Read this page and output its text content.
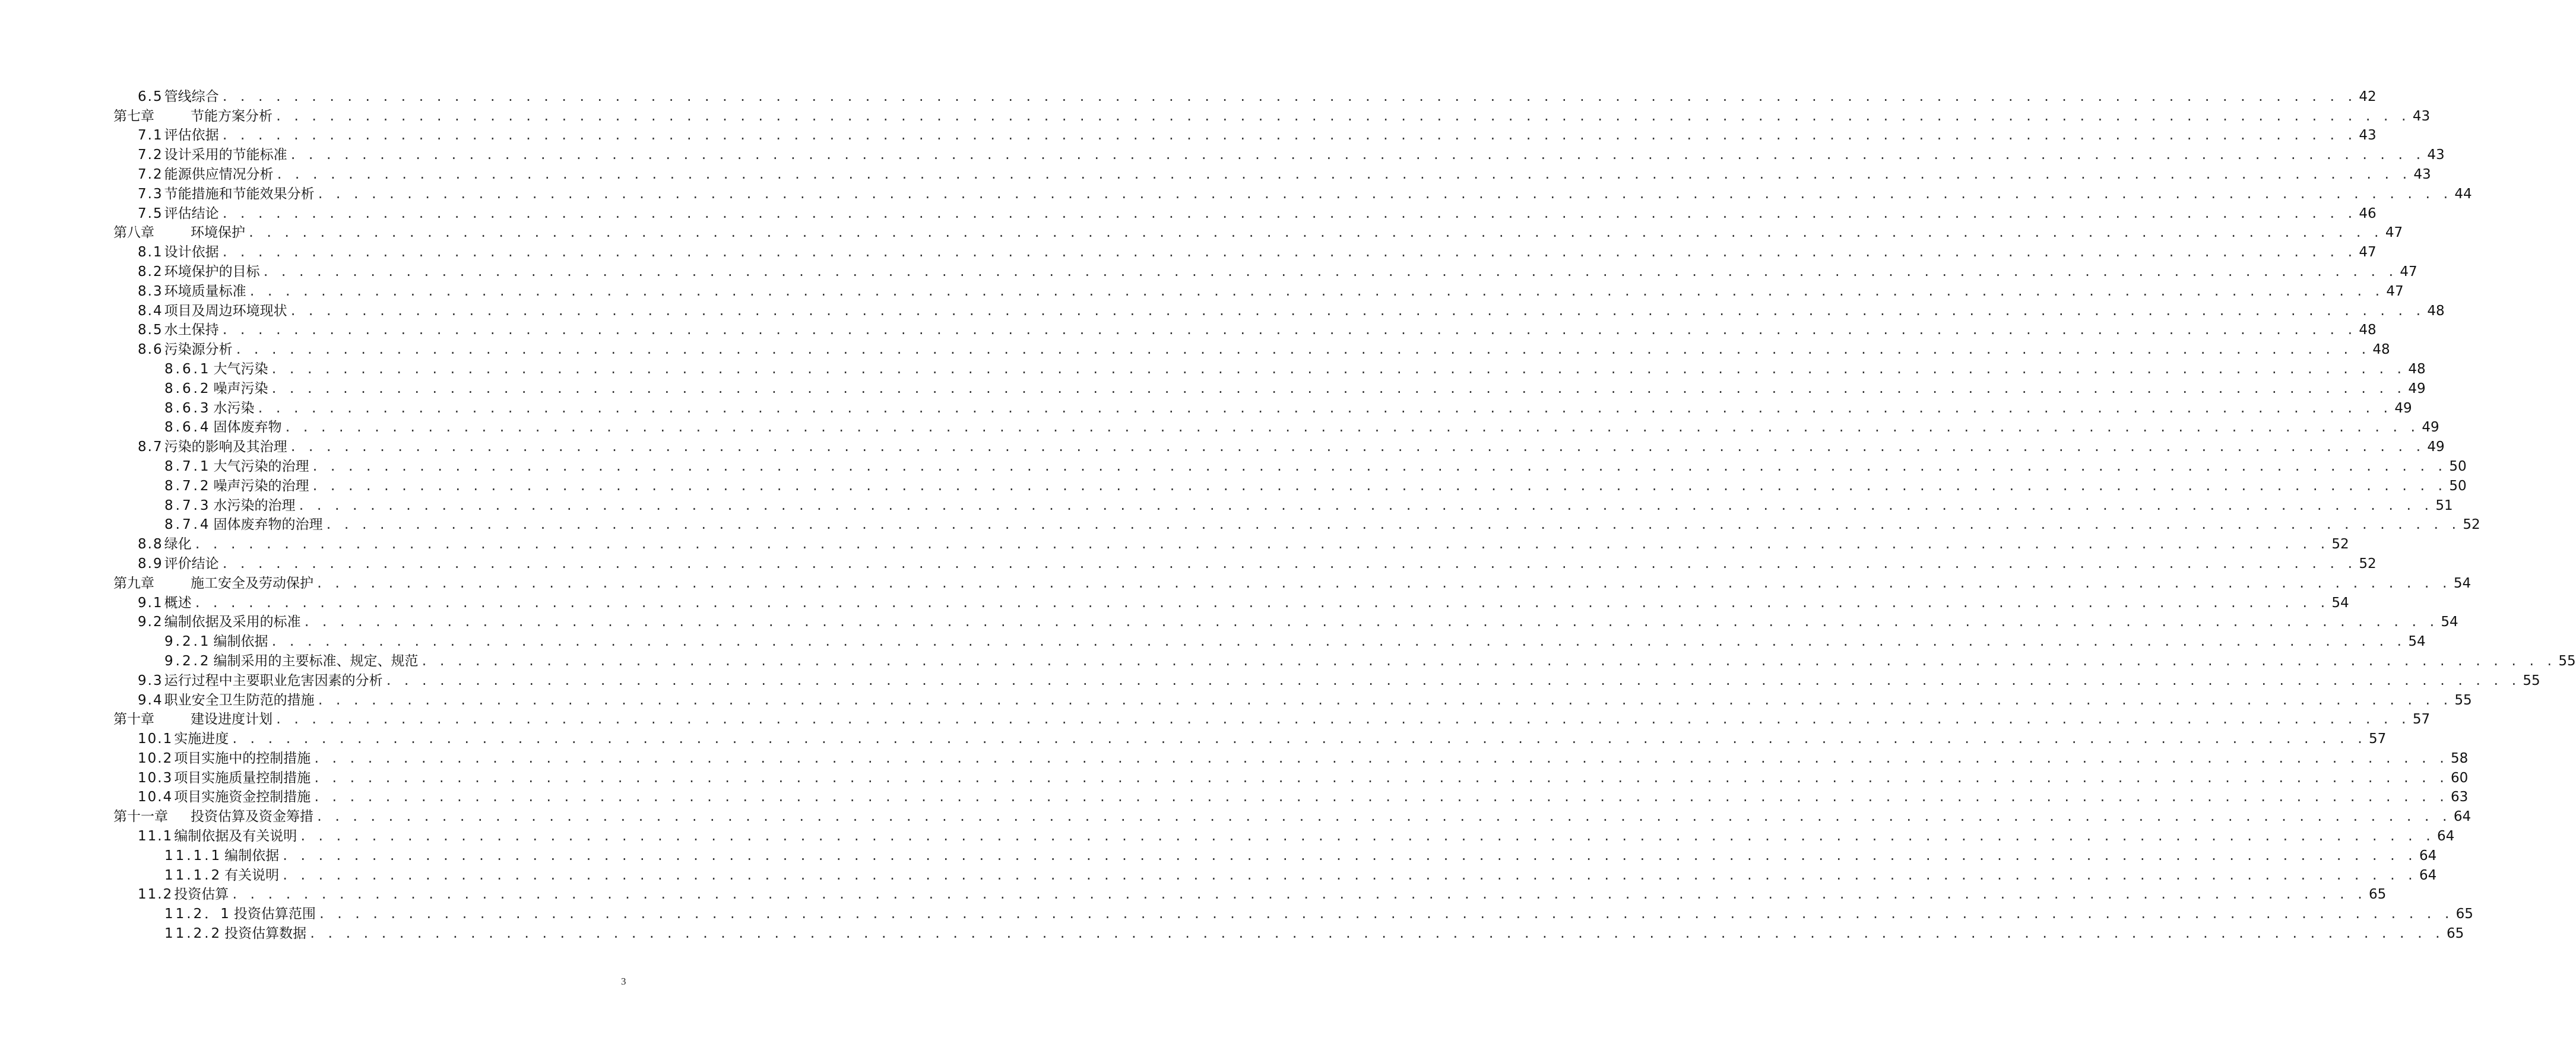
6.5 管线综合 . . . . . . . . . . . . . . . . . . . . . . . . . . . . . . . . . . . . . . . . . . . . . . . . . . . . . . . . . . . . . . . . . . . . . . . . . . . . . . . . . . . . . . . . . . . . . . . . . . . . . . . . . . . . . . . . . . . . . . . . 42
第七章	节能方案分析 . . . . . . . . . . . . . . . . . . . . . . . . . . . . . . . . . . . . . . . . . . . . . . . . . . . . . . . . . . . . . . . . . . . . . . . . . . . . . . . . . . . . . . . . . . . . . . . . . . . . . . . . . . . . . . . . . . . . . . . . 43
7.1 评估依据 . . . . . . . . . . . . . . . . . . . . . . . . . . . . . . . . . . . . . . . . . . . . . . . . . . . . . . . . . . . . . . . . . . . . . . . . . . . . . . . . . . . . . . . . . . . . . . . . . . . . . . . . . . . . . . . . . . . . . . . . 43
7.2 设计采用的节能标准 . . . . . . . . . . . . . . . . . . . . . . . . . . . . . . . . . . . . . . . . . . . . . . . . . . . . . . . . . . . . . . . . . . . . . . . . . . . . . . . . . . . . . . . . . . . . . . . . . . . . . . . . . . . . . . . . . . . . . . . . 43
7.2 能源供应情况分析 . . . . . . . . . . . . . . . . . . . . . . . . . . . . . . . . . . . . . . . . . . . . . . . . . . . . . . . . . . . . . . . . . . . . . . . . . . . . . . . . . . . . . . . . . . . . . . . . . . . . . . . . . . . . . . . . . . . . . . . . 43
7.3 节能措施和节能效果分析 . . . . . . . . . . . . . . . . . . . . . . . . . . . . . . . . . . . . . . . . . . . . . . . . . . . . . . . . . . . . . . . . . . . . . . . . . . . . . . . . . . . . . . . . . . . . . . . . . . . . . . . . . . . . . . . . . . . . . . . . 44
7.5 评估结论 . . . . . . . . . . . . . . . . . . . . . . . . . . . . . . . . . . . . . . . . . . . . . . . . . . . . . . . . . . . . . . . . . . . . . . . . . . . . . . . . . . . . . . . . . . . . . . . . . . . . . . . . . . . . . . . . . . . . . . . . 46
第八章	环境保护 . . . . . . . . . . . . . . . . . . . . . . . . . . . . . . . . . . . . . . . . . . . . . . . . . . . . . . . . . . . . . . . . . . . . . . . . . . . . . . . . . . . . . . . . . . . . . . . . . . . . . . . . . . . . . . . . . . . . . . . . 47
8.1 设计依据 . . . . . . . . . . . . . . . . . . . . . . . . . . . . . . . . . . . . . . . . . . . . . . . . . . . . . . . . . . . . . . . . . . . . . . . . . . . . . . . . . . . . . . . . . . . . . . . . . . . . . . . . . . . . . . . . . . . . . . . . 47
8.2 环境保护的目标 . . . . . . . . . . . . . . . . . . . . . . . . . . . . . . . . . . . . . . . . . . . . . . . . . . . . . . . . . . . . . . . . . . . . . . . . . . . . . . . . . . . . . . . . . . . . . . . . . . . . . . . . . . . . . . . . . . . . . . . . 47
8.3 环境质量标准 . . . . . . . . . . . . . . . . . . . . . . . . . . . . . . . . . . . . . . . . . . . . . . . . . . . . . . . . . . . . . . . . . . . . . . . . . . . . . . . . . . . . . . . . . . . . . . . . . . . . . . . . . . . . . . . . . . . . . . . . 47
8.4 项目及周边环境现状 . . . . . . . . . . . . . . . . . . . . . . . . . . . . . . . . . . . . . . . . . . . . . . . . . . . . . . . . . . . . . . . . . . . . . . . . . . . . . . . . . . . . . . . . . . . . . . . . . . . . . . . . . . . . . . . . . . . . . . . . 48
8.5 水土保持 . . . . . . . . . . . . . . . . . . . . . . . . . . . . . . . . . . . . . . . . . . . . . . . . . . . . . . . . . . . . . . . . . . . . . . . . . . . . . . . . . . . . . . . . . . . . . . . . . . . . . . . . . . . . . . . . . . . . . . . . 48
8.6 污染源分析 . . . . . . . . . . . . . . . . . . . . . . . . . . . . . . . . . . . . . . . . . . . . . . . . . . . . . . . . . . . . . . . . . . . . . . . . . . . . . . . . . . . . . . . . . . . . . . . . . . . . . . . . . . . . . . . . . . . . . . . . 48
8.6.1 大气污染 . . . . . . . . . . . . . . . . . . . . . . . . . . . . . . . . . . . . . . . . . . . . . . . . . . . . . . . . . . . . . . . . . . . . . . . . . . . . . . . . . . . . . . . . . . . . . . . . . . . . . . . . . . . . . . . . . . . . . . . . 48
8.6.2 噪声污染 . . . . . . . . . . . . . . . . . . . . . . . . . . . . . . . . . . . . . . . . . . . . . . . . . . . . . . . . . . . . . . . . . . . . . . . . . . . . . . . . . . . . . . . . . . . . . . . . . . . . . . . . . . . . . . . . . . . . . . . . 49
8.6.3 水污染 . . . . . . . . . . . . . . . . . . . . . . . . . . . . . . . . . . . . . . . . . . . . . . . . . . . . . . . . . . . . . . . . . . . . . . . . . . . . . . . . . . . . . . . . . . . . . . . . . . . . . . . . . . . . . . . . . . . . . . . . 49
8.6.4 固体废弃物 . . . . . . . . . . . . . . . . . . . . . . . . . . . . . . . . . . . . . . . . . . . . . . . . . . . . . . . . . . . . . . . . . . . . . . . . . . . . . . . . . . . . . . . . . . . . . . . . . . . . . . . . . . . . . . . . . . . . . . . . 49
8.7 污染的影响及其治理 . . . . . . . . . . . . . . . . . . . . . . . . . . . . . . . . . . . . . . . . . . . . . . . . . . . . . . . . . . . . . . . . . . . . . . . . . . . . . . . . . . . . . . . . . . . . . . . . . . . . . . . . . . . . . . . . . . . . . . . . 49
8.7.1 大气污染的治理 . . . . . . . . . . . . . . . . . . . . . . . . . . . . . . . . . . . . . . . . . . . . . . . . . . . . . . . . . . . . . . . . . . . . . . . . . . . . . . . . . . . . . . . . . . . . . . . . . . . . . . . . . . . . . . . . . . . . . . . . 50
8.7.2 噪声污染的治理 . . . . . . . . . . . . . . . . . . . . . . . . . . . . . . . . . . . . . . . . . . . . . . . . . . . . . . . . . . . . . . . . . . . . . . . . . . . . . . . . . . . . . . . . . . . . . . . . . . . . . . . . . . . . . . . . . . . . . . . . 50
8.7.3 水污染的治理 . . . . . . . . . . . . . . . . . . . . . . . . . . . . . . . . . . . . . . . . . . . . . . . . . . . . . . . . . . . . . . . . . . . . . . . . . . . . . . . . . . . . . . . . . . . . . . . . . . . . . . . . . . . . . . . . . . . . . . . . 51
8.7.4 固体废弃物的治理 . . . . . . . . . . . . . . . . . . . . . . . . . . . . . . . . . . . . . . . . . . . . . . . . . . . . . . . . . . . . . . . . . . . . . . . . . . . . . . . . . . . . . . . . . . . . . . . . . . . . . . . . . . . . . . . . . . . . . . . . 52
8.8 绿化 . . . . . . . . . . . . . . . . . . . . . . . . . . . . . . . . . . . . . . . . . . . . . . . . . . . . . . . . . . . . . . . . . . . . . . . . . . . . . . . . . . . . . . . . . . . . . . . . . . . . . . . . . . . . . . . . . . . . . . . . 52
8.9 评价结论 . . . . . . . . . . . . . . . . . . . . . . . . . . . . . . . . . . . . . . . . . . . . . . . . . . . . . . . . . . . . . . . . . . . . . . . . . . . . . . . . . . . . . . . . . . . . . . . . . . . . . . . . . . . . . . . . . . . . . . . . 52
第九章	施工安全及劳动保护 . . . . . . . . . . . . . . . . . . . . . . . . . . . . . . . . . . . . . . . . . . . . . . . . . . . . . . . . . . . . . . . . . . . . . . . . . . . . . . . . . . . . . . . . . . . . . . . . . . . . . . . . . . . . . . . . . . . . . . . . 54
9.1 概述 . . . . . . . . . . . . . . . . . . . . . . . . . . . . . . . . . . . . . . . . . . . . . . . . . . . . . . . . . . . . . . . . . . . . . . . . . . . . . . . . . . . . . . . . . . . . . . . . . . . . . . . . . . . . . . . . . . . . . . . . 54
9.2 编制依据及采用的标准 . . . . . . . . . . . . . . . . . . . . . . . . . . . . . . . . . . . . . . . . . . . . . . . . . . . . . . . . . . . . . . . . . . . . . . . . . . . . . . . . . . . . . . . . . . . . . . . . . . . . . . . . . . . . . . . . . . . . . . . . 54
9.2.1 编制依据 . . . . . . . . . . . . . . . . . . . . . . . . . . . . . . . . . . . . . . . . . . . . . . . . . . . . . . . . . . . . . . . . . . . . . . . . . . . . . . . . . . . . . . . . . . . . . . . . . . . . . . . . . . . . . . . . . . . . . . . . 54
9.2.2 编制采用的主要标准、规定、规范 . . . . . . . . . . . . . . . . . . . . . . . . . . . . . . . . . . . . . . . . . . . . . . . . . . . . . . . . . . . . . . . . . . . . . . . . . . . . . . . . . . . . . . . . . . . . . . . . . . . . . . . . . . . . . . . . . . . . . . . . 55
9.3 运行过程中主要职业危害因素的分析 . . . . . . . . . . . . . . . . . . . . . . . . . . . . . . . . . . . . . . . . . . . . . . . . . . . . . . . . . . . . . . . . . . . . . . . . . . . . . . . . . . . . . . . . . . . . . . . . . . . . . . . . . . . . . . . . . . . . . . . . 55
9.4 职业安全卫生防范的措施 . . . . . . . . . . . . . . . . . . . . . . . . . . . . . . . . . . . . . . . . . . . . . . . . . . . . . . . . . . . . . . . . . . . . . . . . . . . . . . . . . . . . . . . . . . . . . . . . . . . . . . . . . . . . . . . . . . . . . . . . 55
第十章	建设进度计划 . . . . . . . . . . . . . . . . . . . . . . . . . . . . . . . . . . . . . . . . . . . . . . . . . . . . . . . . . . . . . . . . . . . . . . . . . . . . . . . . . . . . . . . . . . . . . . . . . . . . . . . . . . . . . . . . . . . . . . . . 57
10.1 实施进度 . . . . . . . . . . . . . . . . . . . . . . . . . . . . . . . . . . . . . . . . . . . . . . . . . . . . . . . . . . . . . . . . . . . . . . . . . . . . . . . . . . . . . . . . . . . . . . . . . . . . . . . . . . . . . . . . . . . . . . . . 57
10.2 项目实施中的控制措施 . . . . . . . . . . . . . . . . . . . . . . . . . . . . . . . . . . . . . . . . . . . . . . . . . . . . . . . . . . . . . . . . . . . . . . . . . . . . . . . . . . . . . . . . . . . . . . . . . . . . . . . . . . . . . . . . . . . . . . . . 58
10.3 项目实施质量控制措施 . . . . . . . . . . . . . . . . . . . . . . . . . . . . . . . . . . . . . . . . . . . . . . . . . . . . . . . . . . . . . . . . . . . . . . . . . . . . . . . . . . . . . . . . . . . . . . . . . . . . . . . . . . . . . . . . . . . . . . . . 60
10.4 项目实施资金控制措施 . . . . . . . . . . . . . . . . . . . . . . . . . . . . . . . . . . . . . . . . . . . . . . . . . . . . . . . . . . . . . . . . . . . . . . . . . . . . . . . . . . . . . . . . . . . . . . . . . . . . . . . . . . . . . . . . . . . . . . . . 63
第十一章	投资估算及资金筹措 . . . . . . . . . . . . . . . . . . . . . . . . . . . . . . . . . . . . . . . . . . . . . . . . . . . . . . . . . . . . . . . . . . . . . . . . . . . . . . . . . . . . . . . . . . . . . . . . . . . . . . . . . . . . . . . . . . . . . . . . 64
11.1 编制依据及有关说明 . . . . . . . . . . . . . . . . . . . . . . . . . . . . . . . . . . . . . . . . . . . . . . . . . . . . . . . . . . . . . . . . . . . . . . . . . . . . . . . . . . . . . . . . . . . . . . . . . . . . . . . . . . . . . . . . . . . . . . . . 64
11.1.1 编制依据 . . . . . . . . . . . . . . . . . . . . . . . . . . . . . . . . . . . . . . . . . . . . . . . . . . . . . . . . . . . . . . . . . . . . . . . . . . . . . . . . . . . . . . . . . . . . . . . . . . . . . . . . . . . . . . . . . . . . . . . . 64
11.1.2 有关说明 . . . . . . . . . . . . . . . . . . . . . . . . . . . . . . . . . . . . . . . . . . . . . . . . . . . . . . . . . . . . . . . . . . . . . . . . . . . . . . . . . . . . . . . . . . . . . . . . . . . . . . . . . . . . . . . . . . . . . . . . 64
11.2 投资估算 . . . . . . . . . . . . . . . . . . . . . . . . . . . . . . . . . . . . . . . . . . . . . . . . . . . . . . . . . . . . . . . . . . . . . . . . . . . . . . . . . . . . . . . . . . . . . . . . . . . . . . . . . . . . . . . . . . . . . . . . 65
11.2．1 投资估算范围 . . . . . . . . . . . . . . . . . . . . . . . . . . . . . . . . . . . . . . . . . . . . . . . . . . . . . . . . . . . . . . . . . . . . . . . . . . . . . . . . . . . . . . . . . . . . . . . . . . . . . . . . . . . . . . . . . . . . . . . . 65
11.2.2 投资估算数据 . . . . . . . . . . . . . . . . . . . . . . . . . . . . . . . . . . . . . . . . . . . . . . . . . . . . . . . . . . . . . . . . . . . . . . . . . . . . . . . . . . . . . . . . . . . . . . . . . . . . . . . . . . . . . . . . . . . . . . . . 65
3
